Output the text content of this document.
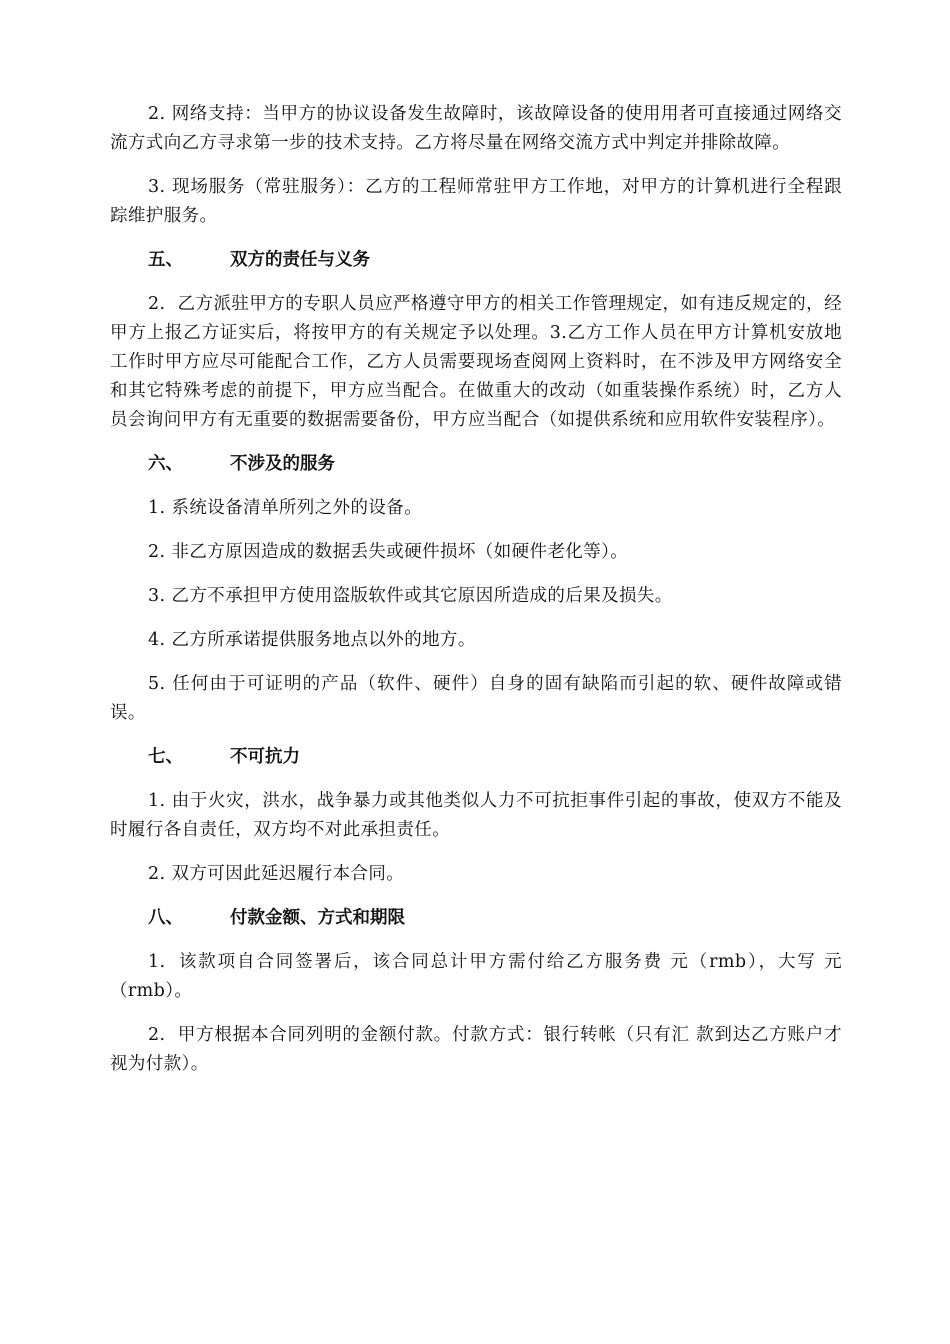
2. 网络支持：当甲方的协议设备发生故障时，该故障设备的使用用者可直接通过网络交流方式向乙方寻求第一步的技术支持。乙方将尽量在网络交流方式中判定并排除故障。

3. 现场服务（常驻服务）：乙方的工程师常驻甲方工作地，对甲方的计算机进行全程跟踪维护服务。

五、	双方的责任与义务

2. 乙方派驻甲方的专职人员应严格遵守甲方的相关工作管理规定，如有违反规定的，经甲方上报乙方证实后，将按甲方的有关规定予以处理。3.乙方工作人员在甲方计算机安放地工作时甲方应尽可能配合工作，乙方人员需要现场查阅网上资料时，在不涉及甲方网络安全和其它特殊考虑的前提下，甲方应当配合。在做重大的改动（如重装操作系统）时，乙方人员会询问甲方有无重要的数据需要备份，甲方应当配合（如提供系统和应用软件安装程序）。

六、	不涉及的服务

1. 系统设备清单所列之外的设备。

2. 非乙方原因造成的数据丢失或硬件损坏（如硬件老化等）。

3. 乙方不承担甲方使用盗版软件或其它原因所造成的后果及损失。

4. 乙方所承诺提供服务地点以外的地方。

5. 任何由于可证明的产品（软件、硬件）自身的固有缺陷而引起的软、硬件故障或错误。

七、	不可抗力

1. 由于火灾，洪水，战争暴力或其他类似人力不可抗拒事件引起的事故，使双方不能及时履行各自责任，双方均不对此承担责任。

2. 双方可因此延迟履行本合同。

八、	付款金额、方式和期限

1. 该款项自合同签署后，该合同总计甲方需付给乙方服务费 元（rmb），大写 元（rmb）。

2. 甲方根据本合同列明的金额付款。付款方式：银行转帐（只有汇 款到达乙方账户才视为付款）。
